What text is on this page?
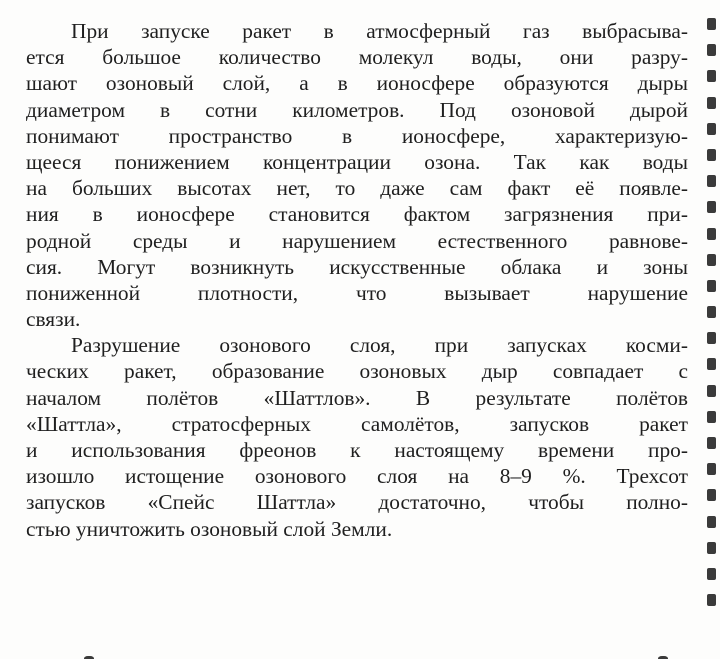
При запуске ракет в атмосферный газ выбрасыва-
ется большое количество молекул воды, они разру-
шают озоновый слой, а в ионосфере образуются дыры
диаметром в сотни километров. Под озоновой дырой
понимают пространство в ионосфере, характеризую-
щееся понижением концентрации озона. Так как воды
на больших высотах нет, то даже сам факт её появле-
ния в ионосфере становится фактом загрязнения при-
родной среды и нарушением естественного равнове-
сия. Могут возникнуть искусственные облака и зоны
пониженной плотности, что вызывает нарушение
связи.
Разрушение озонового слоя, при запусках косми-
ческих ракет, образование озоновых дыр совпадает с
началом полётов «Шаттлов». В результате полётов
«Шаттла», стратосферных самолётов, запусков ракет
и использования фреонов к настоящему времени про-
изошло истощение озонового слоя на 8–9 %. Трехсот
запусков «Спейс Шаттла» достаточно, чтобы полно-
стью уничтожить озоновый слой Земли.
